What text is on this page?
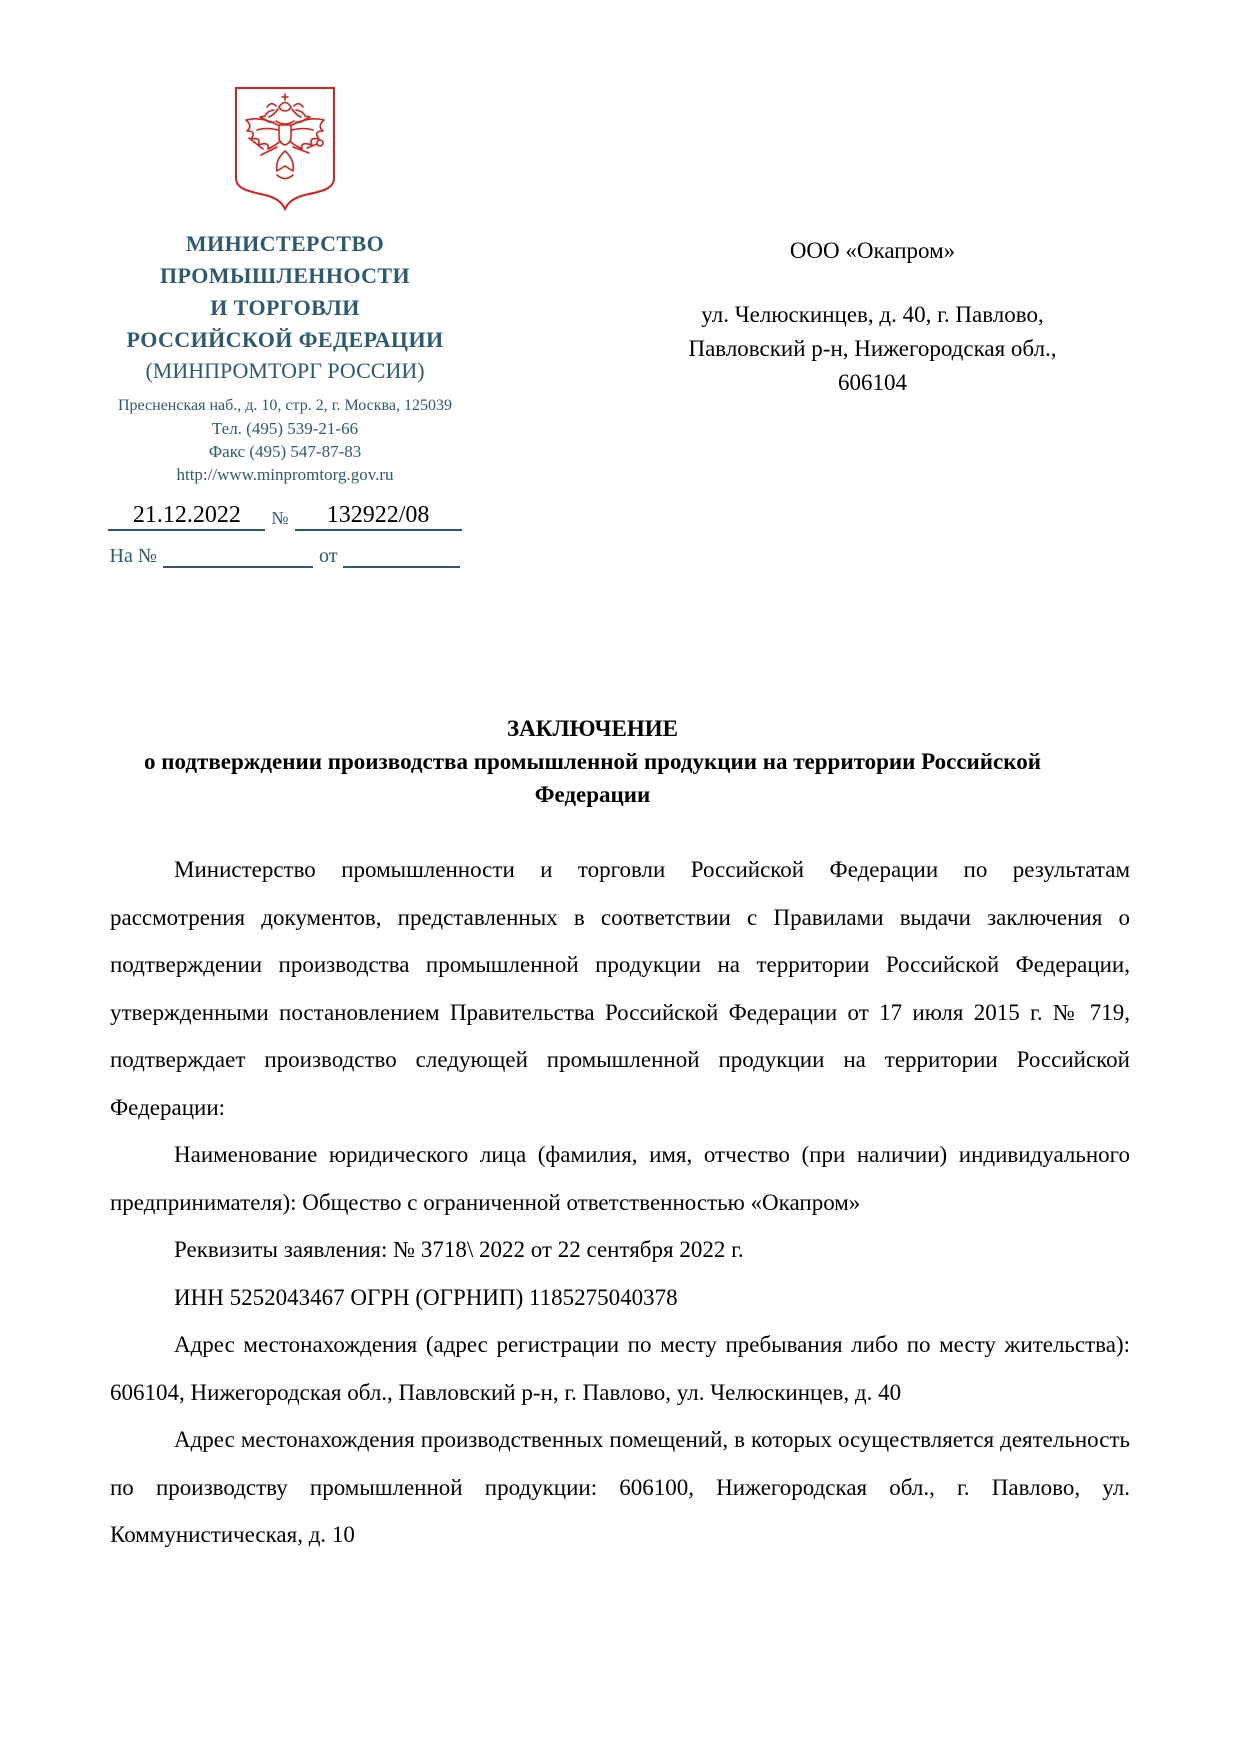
МИНИСТЕРСТВО
ПРОМЫШЛЕННОСТИ
И ТОРГОВЛИ
РОССИЙСКОЙ ФЕДЕРАЦИИ
(МИНПРОМТОРГ РОССИИ)
Пресненская наб., д. 10, стр. 2, г. Москва, 125039
Тел. (495) 539-21-66
Факс (495) 547-87-83
http://www.minpromtorg.gov.ru
21.12.2022	№	132922/08
На №	от
ООО «Окапром»
ул. Челюскинцев, д. 40, г. Павлово,
Павловский р-н, Нижегородская обл.,
606104
ЗАКЛЮЧЕНИЕ
о подтверждении производства промышленной продукции на территории Российской Федерации

Министерство промышленности и торговли Российской Федерации по результатам рассмотрения документов, представленных в соответствии с Правилами выдачи заключения о подтверждении производства промышленной продукции на территории Российской Федерации, утвержденными постановлением Правительства Российской Федерации от 17 июля 2015 г. № 719, подтверждает производство следующей промышленной продукции на территории Российской Федерации:

Наименование юридического лица (фамилия, имя, отчество (при наличии) индивидуального предпринимателя): Общество с ограниченной ответственностью «Окапром»

Реквизиты заявления: № 3718\ 2022 от 22 сентября 2022 г.

ИНН 5252043467 ОГРН (ОГРНИП) 1185275040378

Адрес местонахождения (адрес регистрации по месту пребывания либо по месту жительства): 606104, Нижегородская обл., Павловский р-н, г. Павлово, ул. Челюскинцев, д. 40

Адрес местонахождения производственных помещений, в которых осуществляется деятельность по производству промышленной продукции: 606100, Нижегородская обл., г. Павлово, ул. Коммунистическая, д. 10
